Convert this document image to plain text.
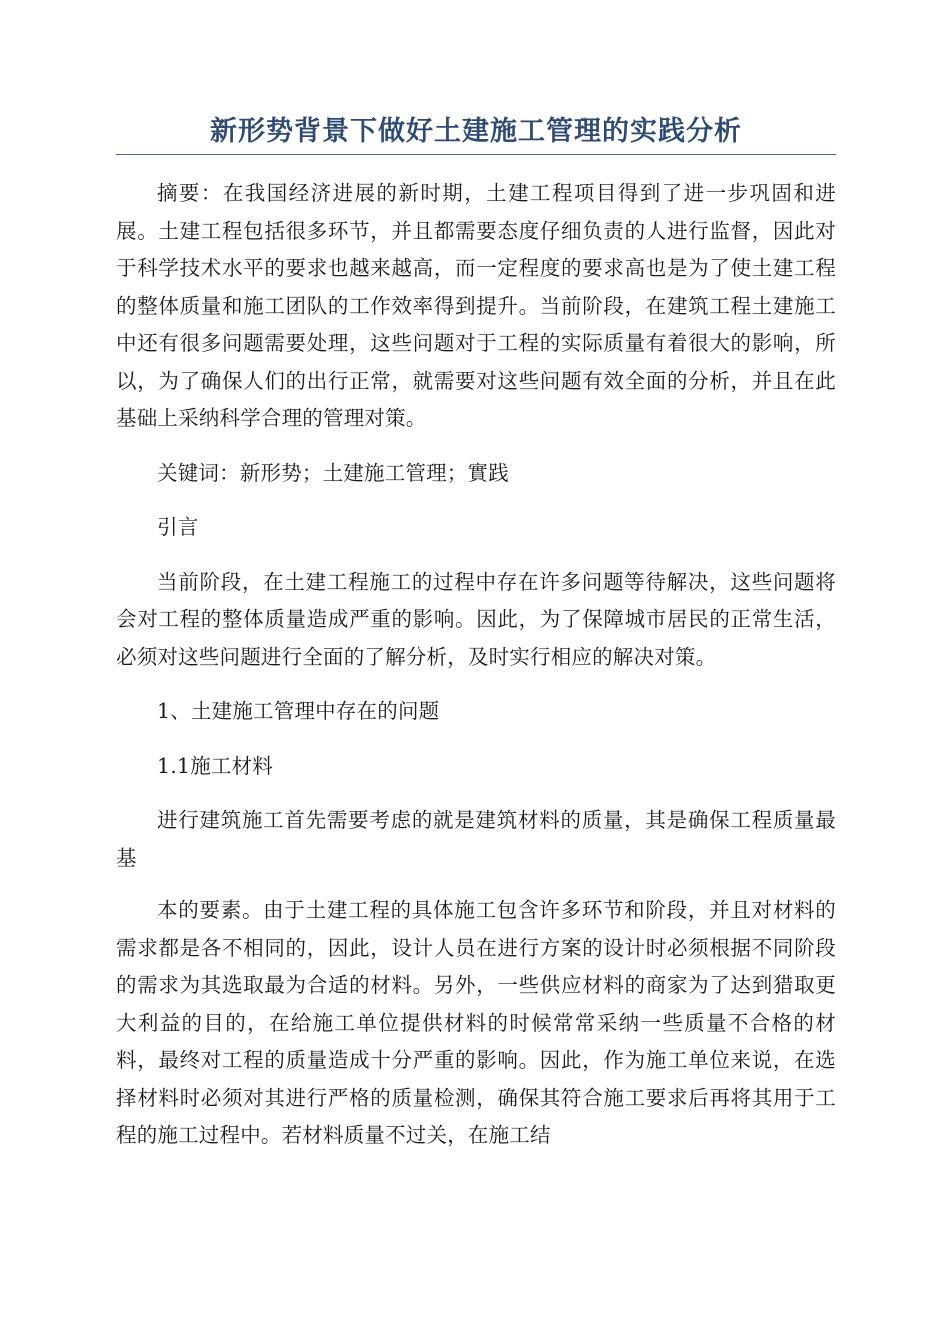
新形势背景下做好土建施工管理的实践分析

摘要：在我国经济进展的新时期，土建工程项目得到了进一步巩固和进展。土建工程包括很多环节，并且都需要态度仔细负责的人进行监督，因此对于科学技术水平的要求也越来越高，而一定程度的要求高也是为了使土建工程的整体质量和施工团队的工作效率得到提升。当前阶段，在建筑工程土建施工中还有很多问题需要处理，这些问题对于工程的实际质量有着很大的影响，所以，为了确保人们的出行正常，就需要对这些问题有效全面的分析，并且在此基础上采纳科学合理的管理对策。

关键词：新形势；土建施工管理；實践

引言

当前阶段，在土建工程施工的过程中存在许多问题等待解决，这些问题将会对工程的整体质量造成严重的影响。因此，为了保障城市居民的正常生活，必须对这些问题进行全面的了解分析，及时实行相应的解决对策。

1、土建施工管理中存在的问题

1.1施工材料

进行建筑施工首先需要考虑的就是建筑材料的质量，其是确保工程质量最基

本的要素。由于土建工程的具体施工包含许多环节和阶段，并且对材料的需求都是各不相同的，因此，设计人员在进行方案的设计时必须根据不同阶段的需求为其选取最为合适的材料。另外，一些供应材料的商家为了达到猎取更大利益的目的，在给施工单位提供材料的时候常常采纳一些质量不合格的材料，最终对工程的质量造成十分严重的影响。因此，作为施工单位来说，在选择材料时必须对其进行严格的质量检测，确保其符合施工要求后再将其用于工程的施工过程中。若材料质量不过关，在施工结
